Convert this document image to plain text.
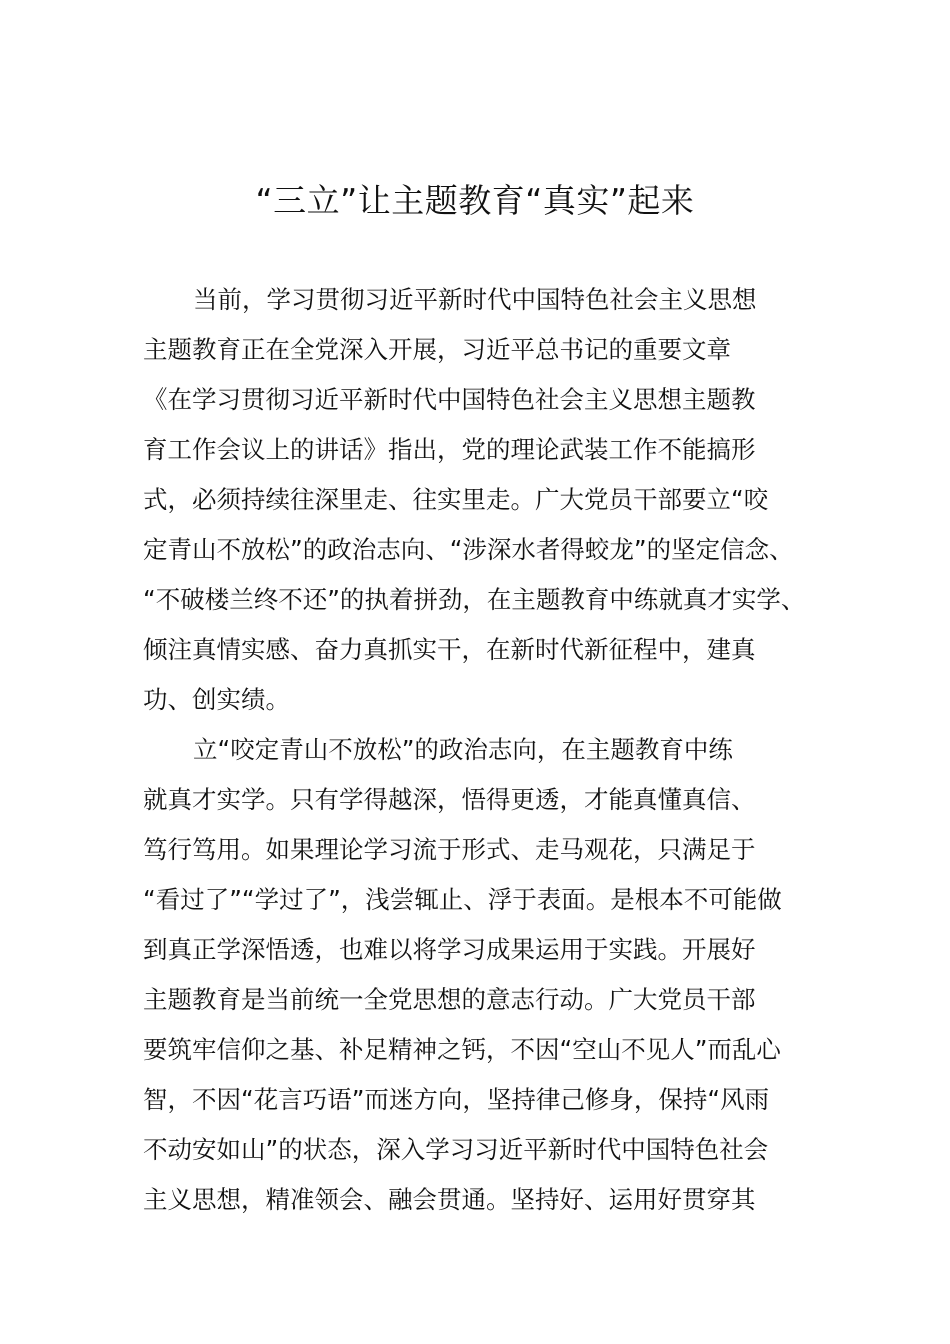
“三立”让主题教育“真实”起来
当前，学习贯彻习近平新时代中国特色社会主义思想
主题教育正在全党深入开展，习近平总书记的重要文章
《在学习贯彻习近平新时代中国特色社会主义思想主题教
育工作会议上的讲话》指出，党的理论武装工作不能搞形
式，必须持续往深里走、往实里走。广大党员干部要立“咬
定青山不放松”的政治志向、“涉深水者得蛟龙”的坚定信念、
“不破楼兰终不还”的执着拼劲，在主题教育中练就真才实学、
倾注真情实感、奋力真抓实干，在新时代新征程中，建真
功、创实绩。
立“咬定青山不放松”的政治志向，在主题教育中练
就真才实学。只有学得越深，悟得更透，才能真懂真信、
笃行笃用。如果理论学习流于形式、走马观花，只满足于
“看过了”“学过了”，浅尝辄止、浮于表面。是根本不可能做
到真正学深悟透，也难以将学习成果运用于实践。开展好
主题教育是当前统一全党思想的意志行动。广大党员干部
要筑牢信仰之基、补足精神之钙，不因“空山不见人”而乱心
智，不因“花言巧语”而迷方向，坚持律己修身，保持“风雨
不动安如山”的状态，深入学习习近平新时代中国特色社会
主义思想，精准领会、融会贯通。坚持好、运用好贯穿其
